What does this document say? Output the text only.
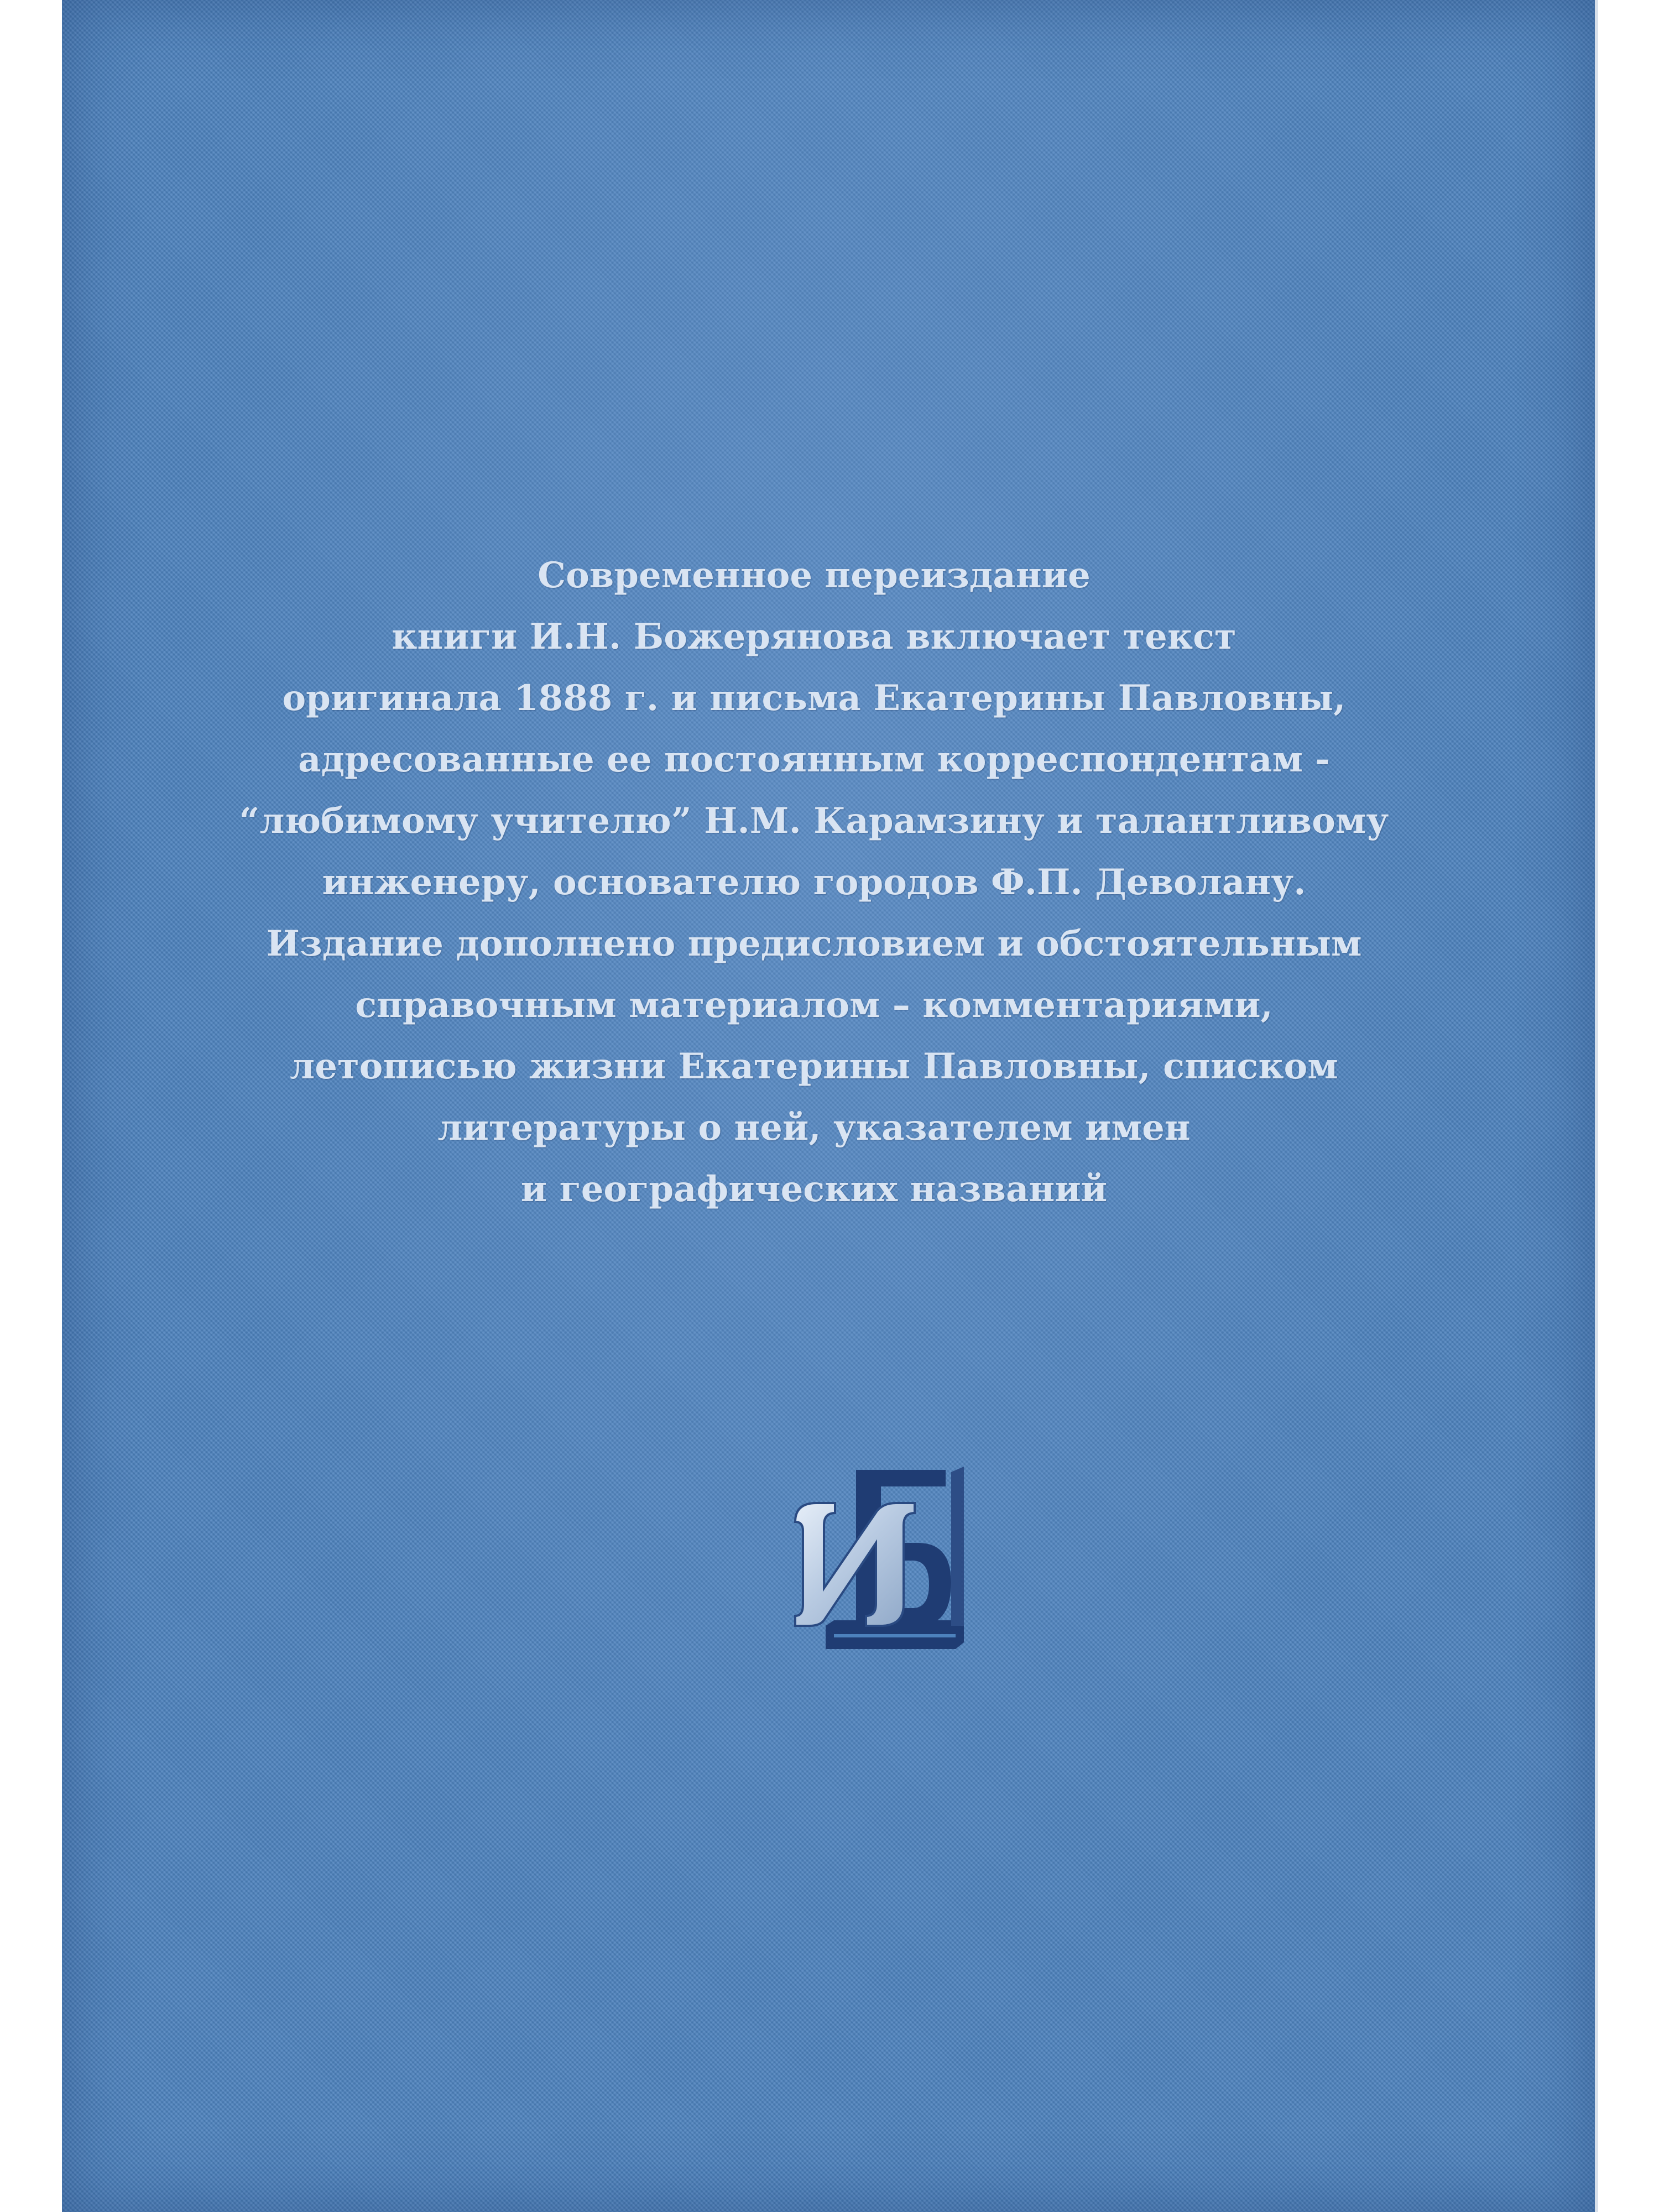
Современное переиздание
книги И.Н. Божерянова включает текст
оригинала 1888 г. и письма Екатерины Павловны,
адресованные ее постоянным корреспондентам -
“любимому учителю” Н.М. Карамзину и талантливому
инженеру, основателю городов Ф.П. Деволану.
Издание дополнено предисловием и обстоятельным
справочным материалом – комментариями,
летописью жизни Екатерины Павловны, списком
литературы о ней, указателем имен
и географических названий
